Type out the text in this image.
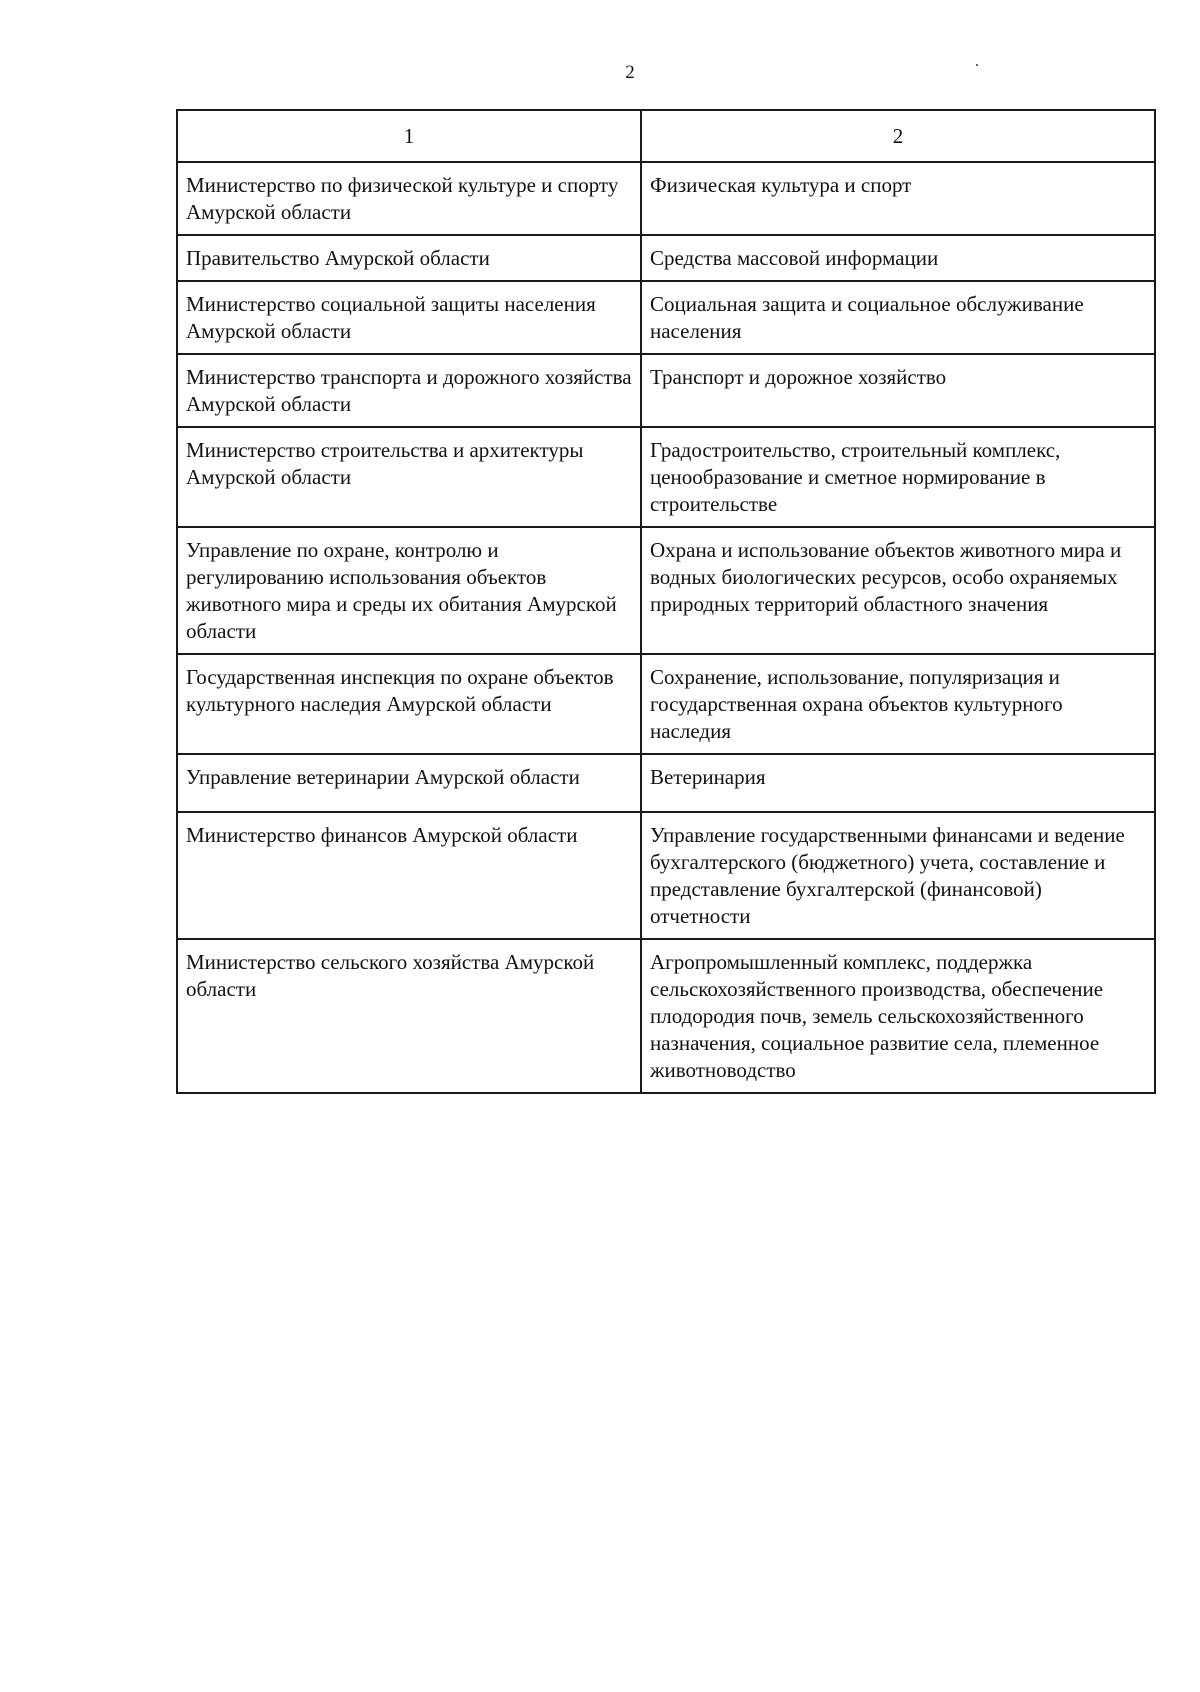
2
1	2
Министерство по физической культуре и спорту Амурской области	Физическая культура и спорт
Правительство Амурской области	Средства массовой информации
Министерство социальной защиты населения Амурской области	Социальная защита и социальное обслуживание населения
Министерство транспорта и дорожного хозяйства Амурской области	Транспорт и дорожное хозяйство
Министерство строительства и архитектуры Амурской области	Градостроительство, строительный комплекс, ценообразование и сметное нормирование в строительстве
Управление по охране, контролю и регулированию использования объектов животного мира и среды их обитания Амурской области	Охрана и использование объектов животного мира и водных биологических ресурсов, особо охраняемых природных территорий областного значения
Государственная инспекция по охране объектов культурного наследия Амурской области	Сохранение, использование, популяризация и государственная охрана объектов культурного наследия
Управление ветеринарии Амурской области	Ветеринария
Министерство финансов Амурской области	Управление государственными финансами и ведение бухгалтерского (бюджетного) учета, составление и представление бухгалтерской (финансовой) отчетности
Министерство сельского хозяйства Амурской области	Агропромышленный комплекс, поддержка сельскохозяйственного производства, обеспечение плодородия почв, земель сельскохозяйственного назначения, социальное развитие села, племенное животноводство
